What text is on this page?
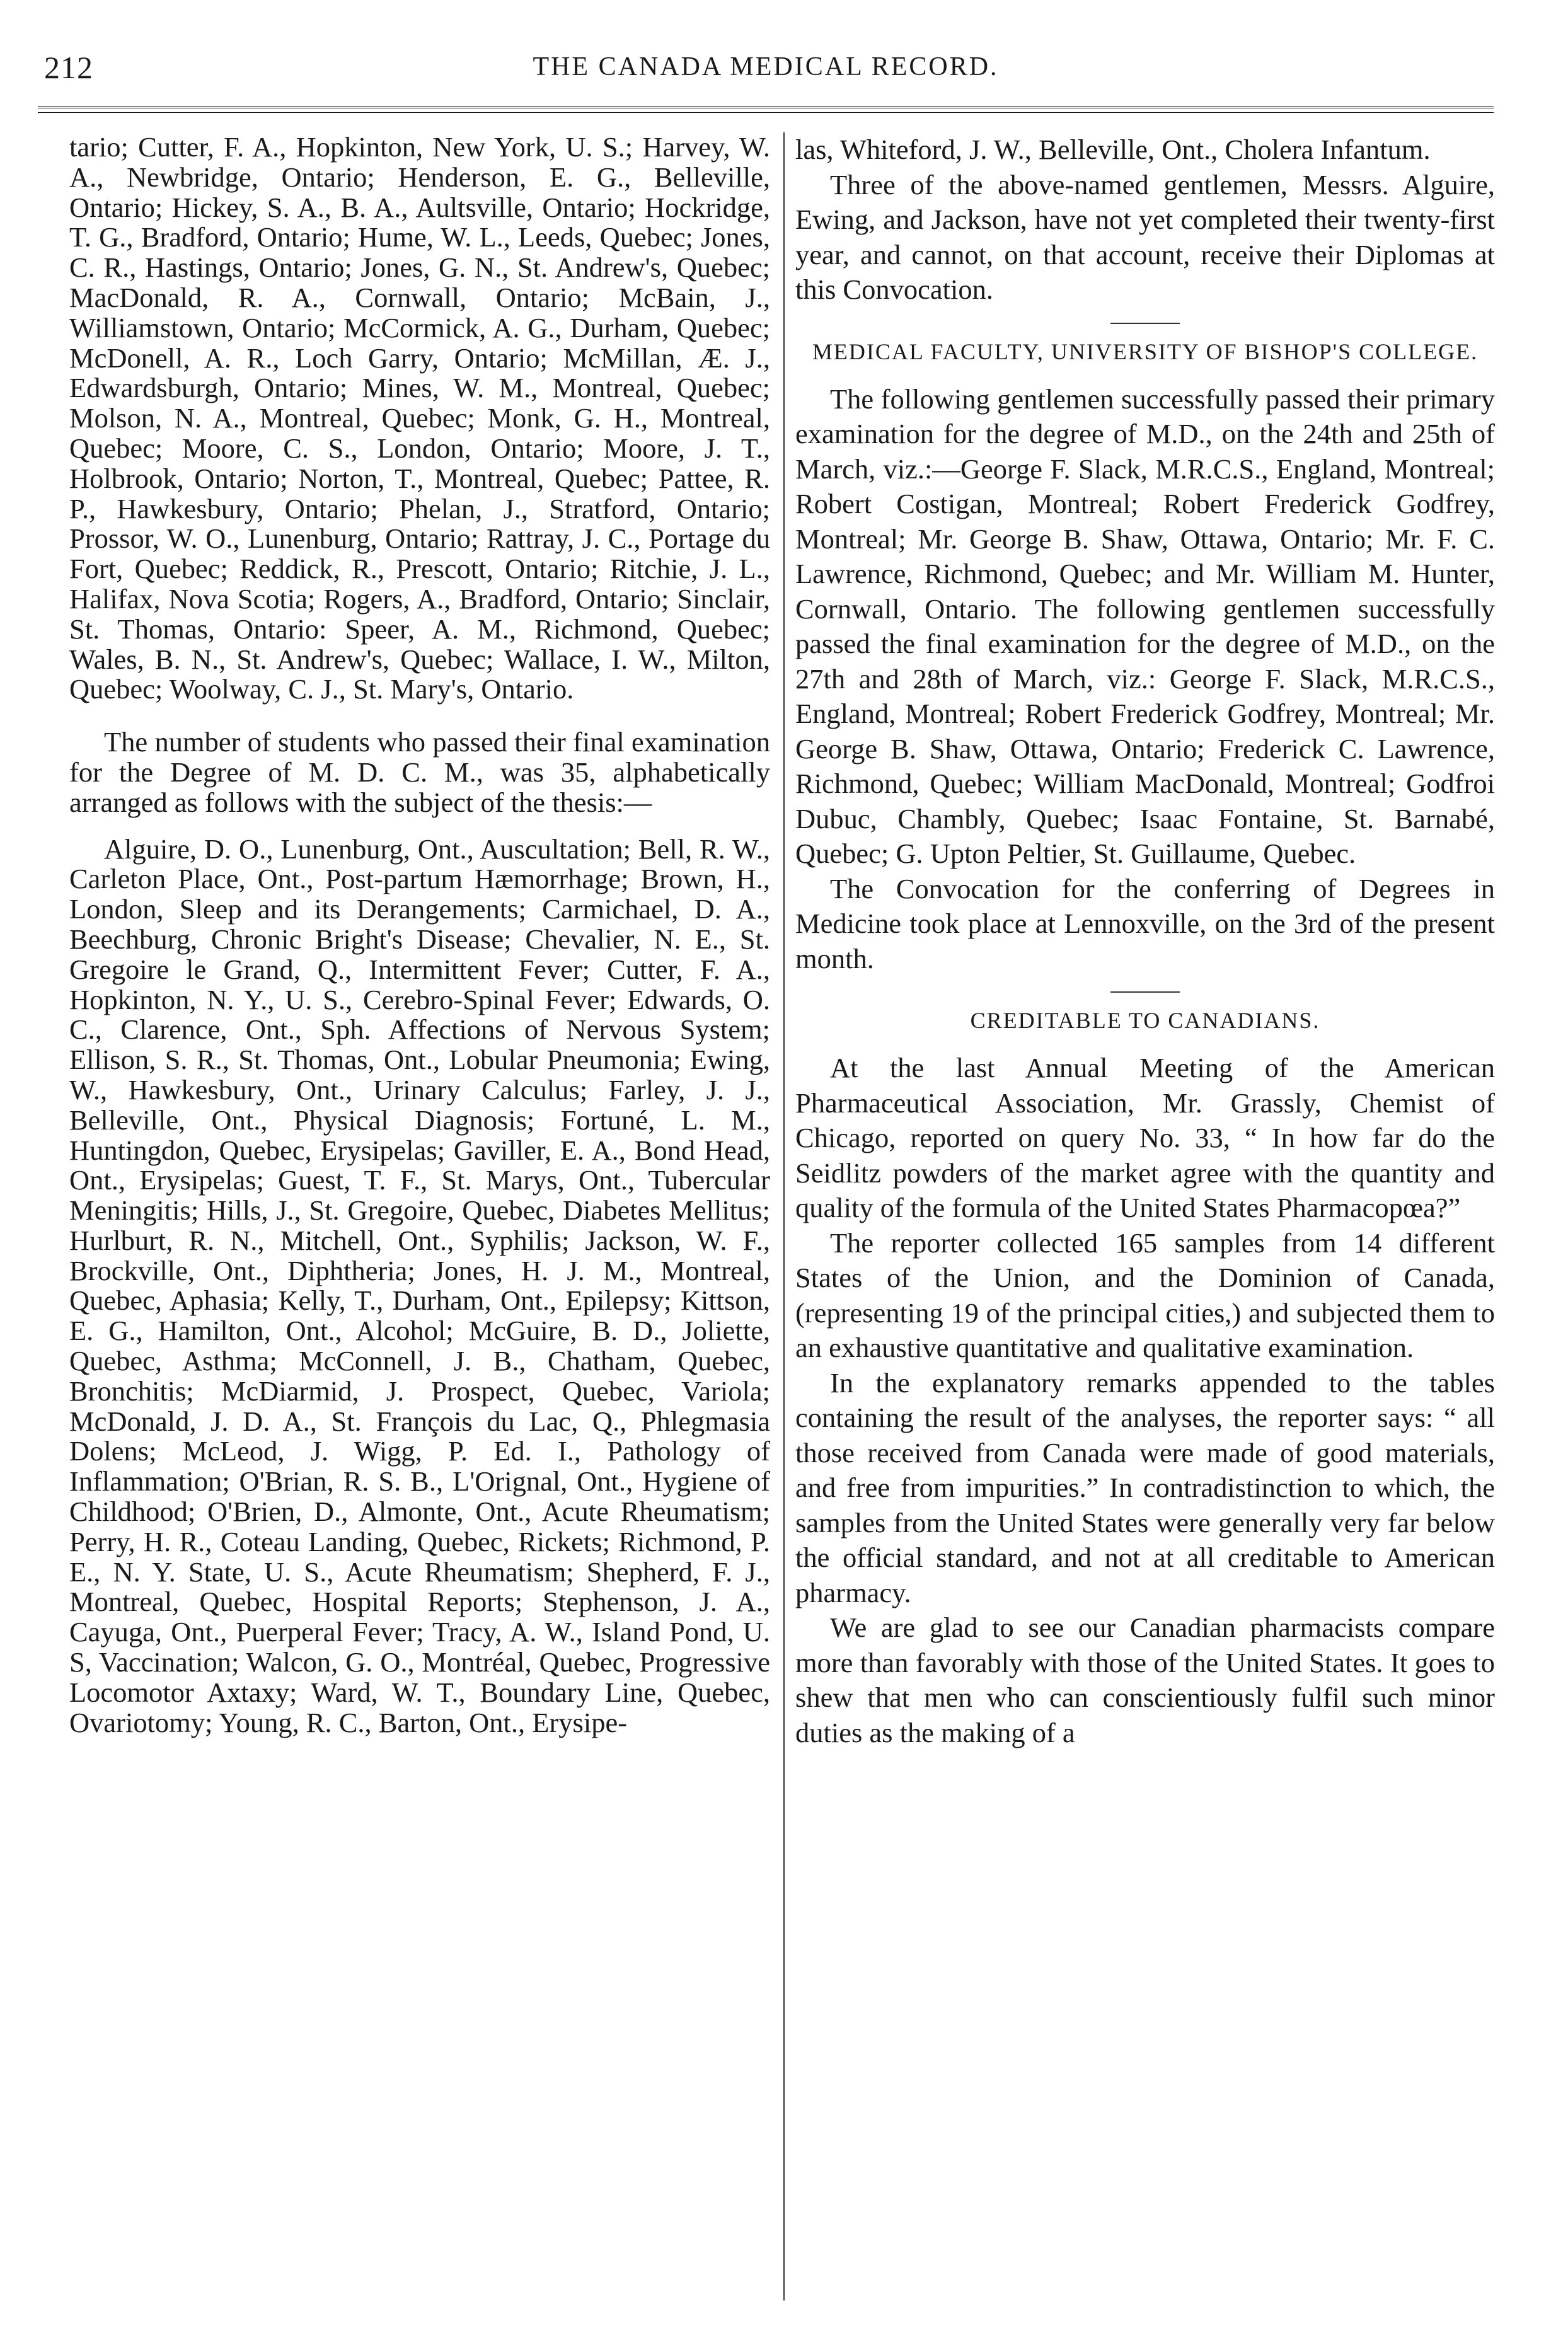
212	THE CANADA MEDICAL RECORD.

tario; Cutter, F. A., Hopkinton, New York, U. S.; Harvey, W. A., Newbridge, Ontario; Henderson, E. G., Belleville, Ontario; Hickey, S. A., B. A., Aultsville, Ontario; Hockridge, T. G., Bradford, Ontario; Hume, W. L., Leeds, Quebec; Jones, C. R., Hastings, Ontario; Jones, G. N., St. Andrew's, Quebec; MacDonald, R. A., Cornwall, Ontario; McBain, J., Williamstown, Ontario; McCormick, A. G., Durham, Quebec; McDonell, A. R., Loch Garry, Ontario; McMillan, Æ. J., Edwardsburgh, Ontario; Mines, W. M., Montreal, Quebec; Molson, N. A., Montreal, Quebec; Monk, G. H., Montreal, Quebec; Moore, C. S., London, Ontario; Moore, J. T., Holbrook, Ontario; Norton, T., Montreal, Quebec; Pattee, R. P., Hawkesbury, Ontario; Phelan, J., Stratford, Ontario; Prossor, W. O., Lunenburg, Ontario; Rattray, J. C., Portage du Fort, Quebec; Reddick, R., Prescott, Ontario; Ritchie, J. L., Halifax, Nova Scotia; Rogers, A., Bradford, Ontario; Sinclair, St. Thomas, Ontario: Speer, A. M., Richmond, Quebec; Wales, B. N., St. Andrew's, Quebec; Wallace, I. W., Milton, Quebec; Woolway, C. J., St. Mary's, Ontario.

The number of students who passed their final examination for the Degree of M. D. C. M., was 35, alphabetically arranged as follows with the subject of the thesis:—

Alguire, D. O., Lunenburg, Ont., Auscultation; Bell, R. W., Carleton Place, Ont., Post-partum Hæmorrhage; Brown, H., London, Sleep and its Derangements; Carmichael, D. A., Beechburg, Chronic Bright's Disease; Chevalier, N. E., St. Gregoire le Grand, Q., Intermittent Fever; Cutter, F. A., Hopkinton, N. Y., U. S., Cerebro-Spinal Fever; Edwards, O. C., Clarence, Ont., Sph. Affections of Nervous System; Ellison, S. R., St. Thomas, Ont., Lobular Pneumonia; Ewing, W., Hawkesbury, Ont., Urinary Calculus; Farley, J. J., Belleville, Ont., Physical Diagnosis; Fortuné, L. M., Huntingdon, Quebec, Erysipelas; Gaviller, E. A., Bond Head, Ont., Erysipelas; Guest, T. F., St. Marys, Ont., Tubercular Meningitis; Hills, J., St. Gregoire, Quebec, Diabetes Mellitus; Hurlburt, R. N., Mitchell, Ont., Syphilis; Jackson, W. F., Brockville, Ont., Diphtheria; Jones, H. J. M., Montreal, Quebec, Aphasia; Kelly, T., Durham, Ont., Epilepsy; Kittson, E. G., Hamilton, Ont., Alcohol; McGuire, B. D., Joliette, Quebec, Asthma; McConnell, J. B., Chatham, Quebec, Bronchitis; McDiarmid, J. Prospect, Quebec, Variola; McDonald, J. D. A., St. François du Lac, Q., Phlegmasia Dolens; McLeod, J. Wigg, P. Ed. I., Pathology of Inflammation; O'Brian, R. S. B., L'Orignal, Ont., Hygiene of Childhood; O'Brien, D., Almonte, Ont., Acute Rheumatism; Perry, H. R., Coteau Landing, Quebec, Rickets; Richmond, P. E., N. Y. State, U. S., Acute Rheumatism; Shepherd, F. J., Montreal, Quebec, Hospital Reports; Stephenson, J. A., Cayuga, Ont., Puerperal Fever; Tracy, A. W., Island Pond, U. S, Vaccination; Walcon, G. O., Montréal, Quebec, Progressive Locomotor Axtaxy; Ward, W. T., Boundary Line, Quebec, Ovariotomy; Young, R. C., Barton, Ont., Erysipe-

las, Whiteford, J. W., Belleville, Ont., Cholera Infantum.

Three of the above-named gentlemen, Messrs. Alguire, Ewing, and Jackson, have not yet completed their twenty-first year, and cannot, on that account, receive their Diplomas at this Convocation.

MEDICAL FACULTY, UNIVERSITY OF BISHOP'S COLLEGE.

The following gentlemen successfully passed their primary examination for the degree of M.D., on the 24th and 25th of March, viz.:—George F. Slack, M.R.C.S., England, Montreal; Robert Costigan, Montreal; Robert Frederick Godfrey, Montreal; Mr. George B. Shaw, Ottawa, Ontario; Mr. F. C. Lawrence, Richmond, Quebec; and Mr. William M. Hunter, Cornwall, Ontario. The following gentlemen successfully passed the final examination for the degree of M.D., on the 27th and 28th of March, viz.: George F. Slack, M.R.C.S., England, Montreal; Robert Frederick Godfrey, Montreal; Mr. George B. Shaw, Ottawa, Ontario; Frederick C. Lawrence, Richmond, Quebec; William MacDonald, Montreal; Godfroi Dubuc, Chambly, Quebec; Isaac Fontaine, St. Barnabé, Quebec; G. Upton Peltier, St. Guillaume, Quebec.

The Convocation for the conferring of Degrees in Medicine took place at Lennoxville, on the 3rd of the present month.

CREDITABLE TO CANADIANS.

At the last Annual Meeting of the American Pharmaceutical Association, Mr. Grassly, Chemist of Chicago, reported on query No. 33, “ In how far do the Seidlitz powders of the market agree with the quantity and quality of the formula of the United States Pharmacopœa?”

The reporter collected 165 samples from 14 different States of the Union, and the Dominion of Canada, (representing 19 of the principal cities,) and subjected them to an exhaustive quantitative and qualitative examination.

In the explanatory remarks appended to the tables containing the result of the analyses, the reporter says: “ all those received from Canada were made of good materials, and free from impurities.” In contradistinction to which, the samples from the United States were generally very far below the official standard, and not at all creditable to American pharmacy.

We are glad to see our Canadian pharmacists compare more than favorably with those of the United States. It goes to shew that men who can conscientiously fulfil such minor duties as the making of a
